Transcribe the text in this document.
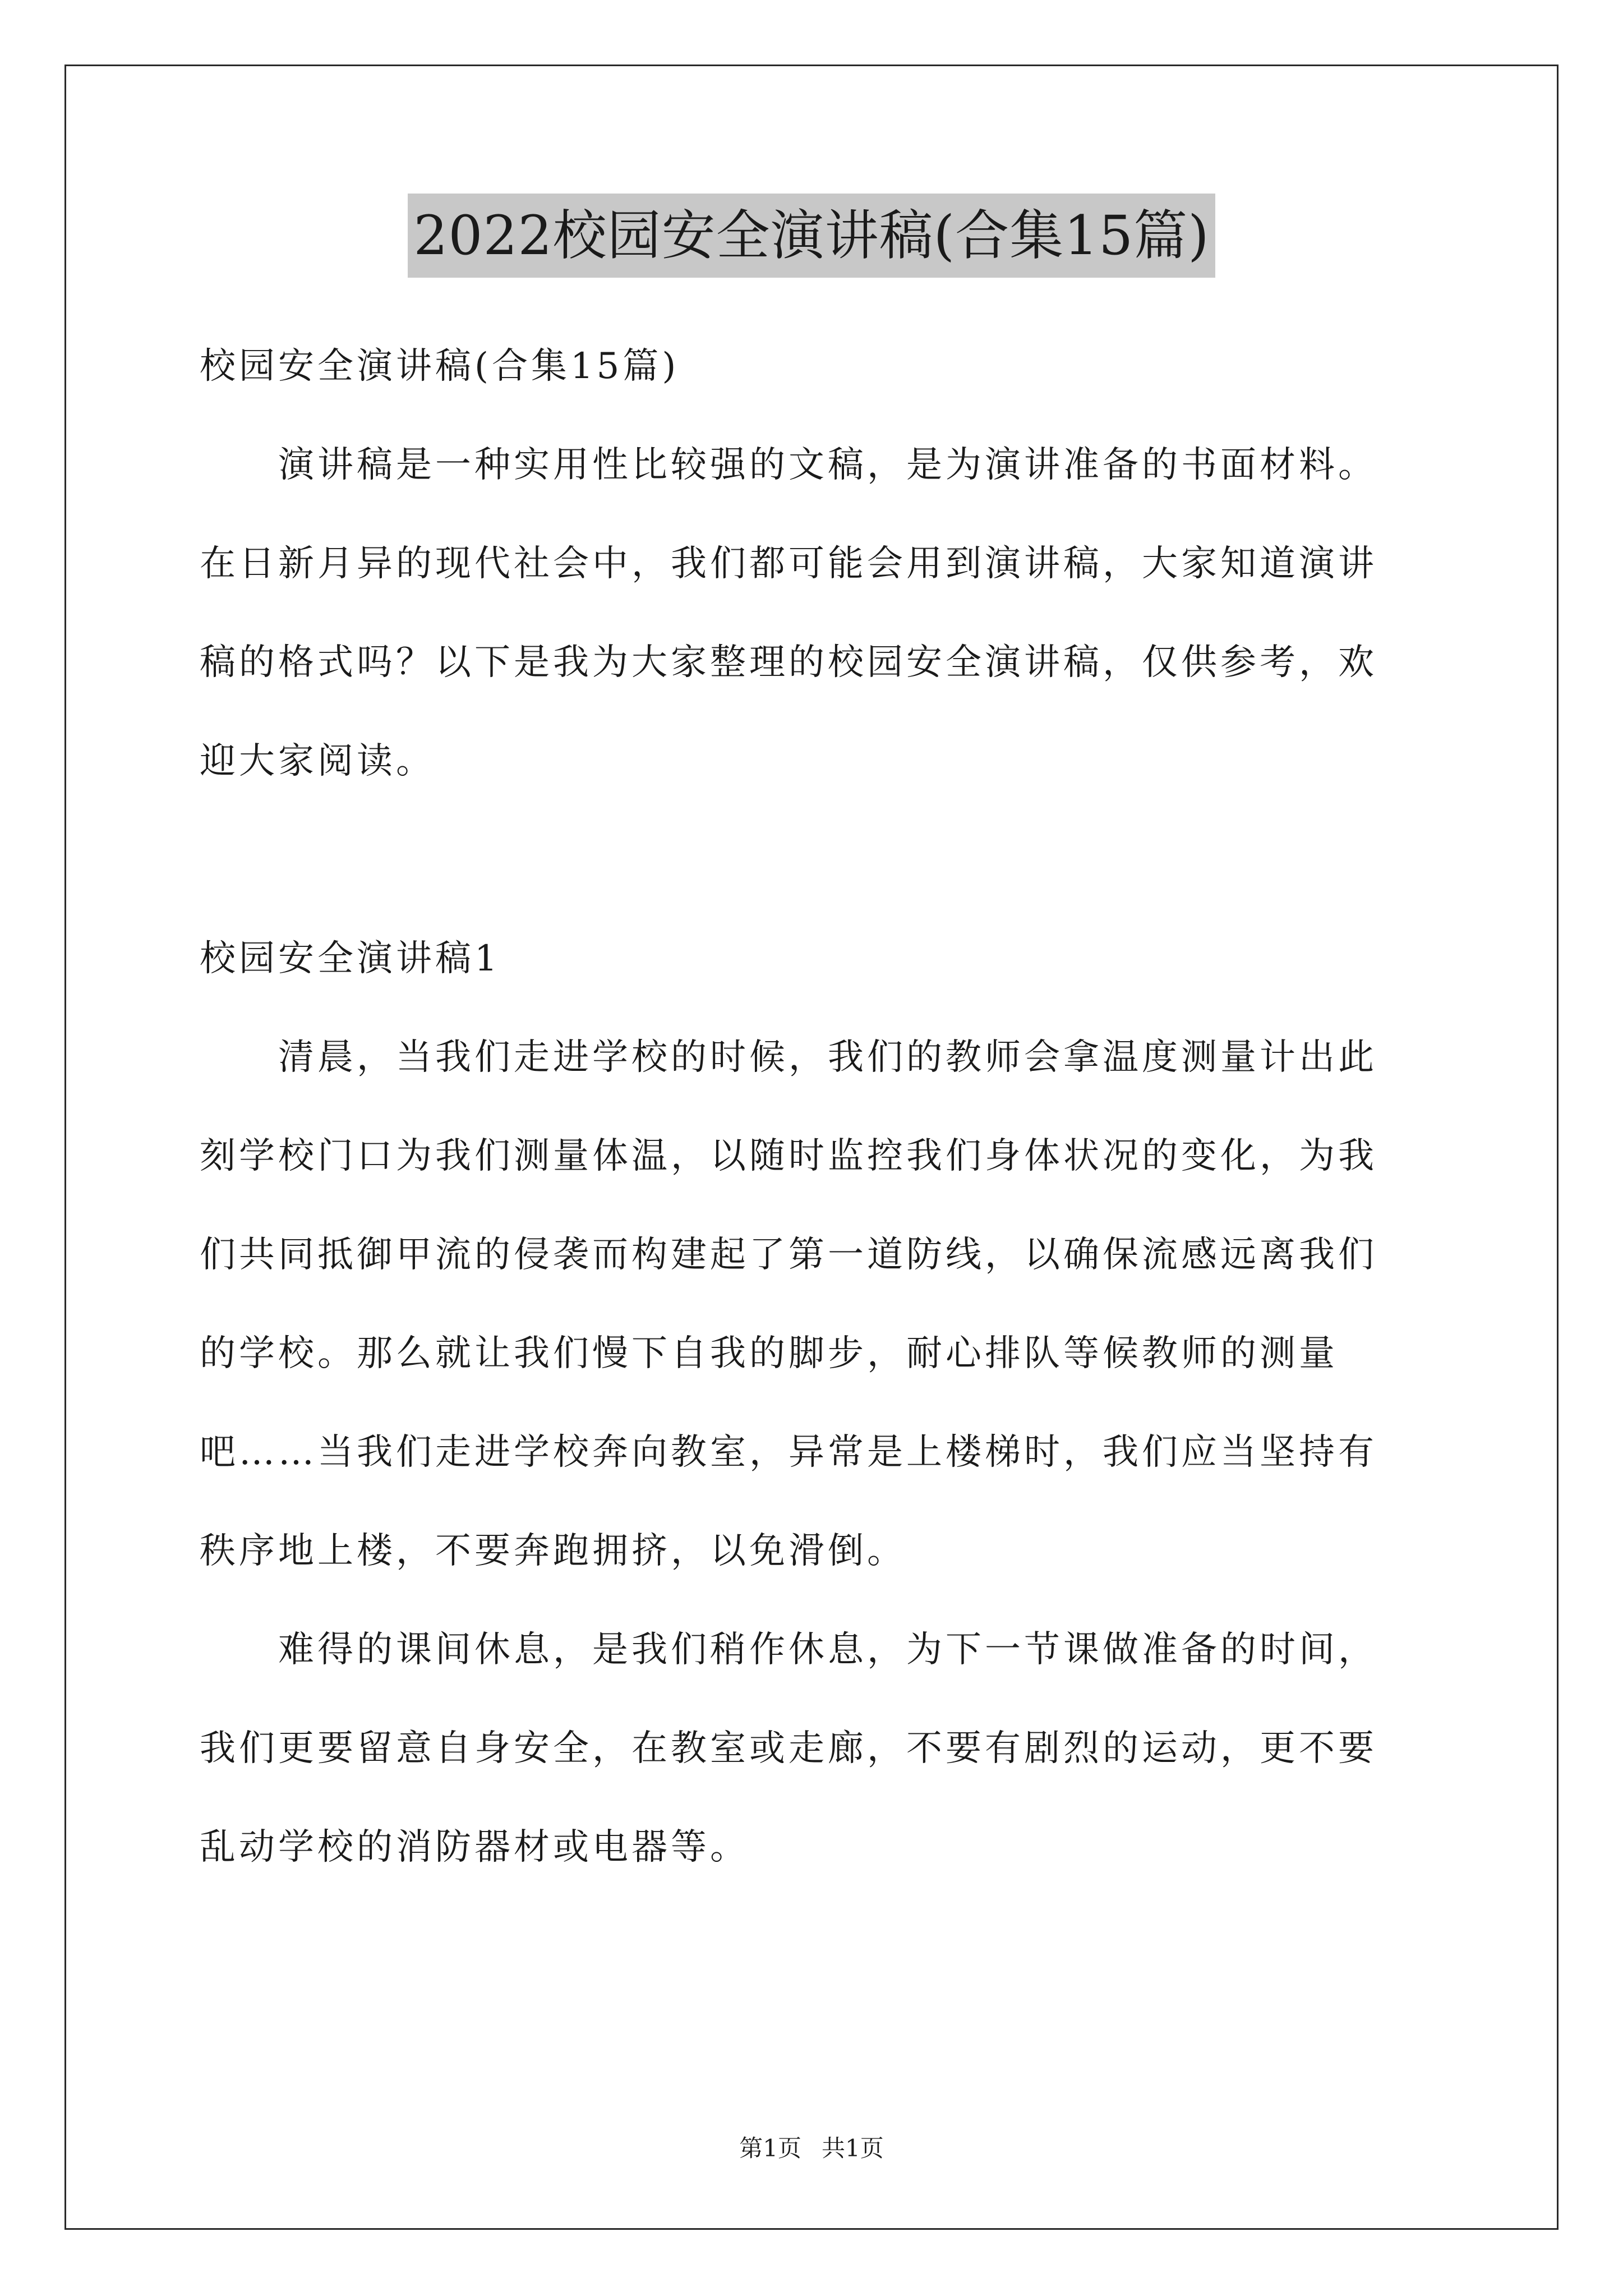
2022校园安全演讲稿(合集15篇)
校园安全演讲稿(合集15篇)
演讲稿是一种实用性比较强的文稿，是为演讲准备的书面材料。
在日新月异的现代社会中，我们都可能会用到演讲稿，大家知道演讲
稿的格式吗？以下是我为大家整理的校园安全演讲稿，仅供参考，欢
迎大家阅读。
校园安全演讲稿1
清晨，当我们走进学校的时候，我们的教师会拿温度测量计出此
刻学校门口为我们测量体温，以随时监控我们身体状况的变化，为我
们共同抵御甲流的侵袭而构建起了第一道防线，以确保流感远离我们
的学校。那么就让我们慢下自我的脚步，耐心排队等候教师的测量
吧……当我们走进学校奔向教室，异常是上楼梯时，我们应当坚持有
秩序地上楼，不要奔跑拥挤，以免滑倒。
难得的课间休息，是我们稍作休息，为下一节课做准备的时间，
我们更要留意自身安全，在教室或走廊，不要有剧烈的运动，更不要
乱动学校的消防器材或电器等。
第1页 共1页
